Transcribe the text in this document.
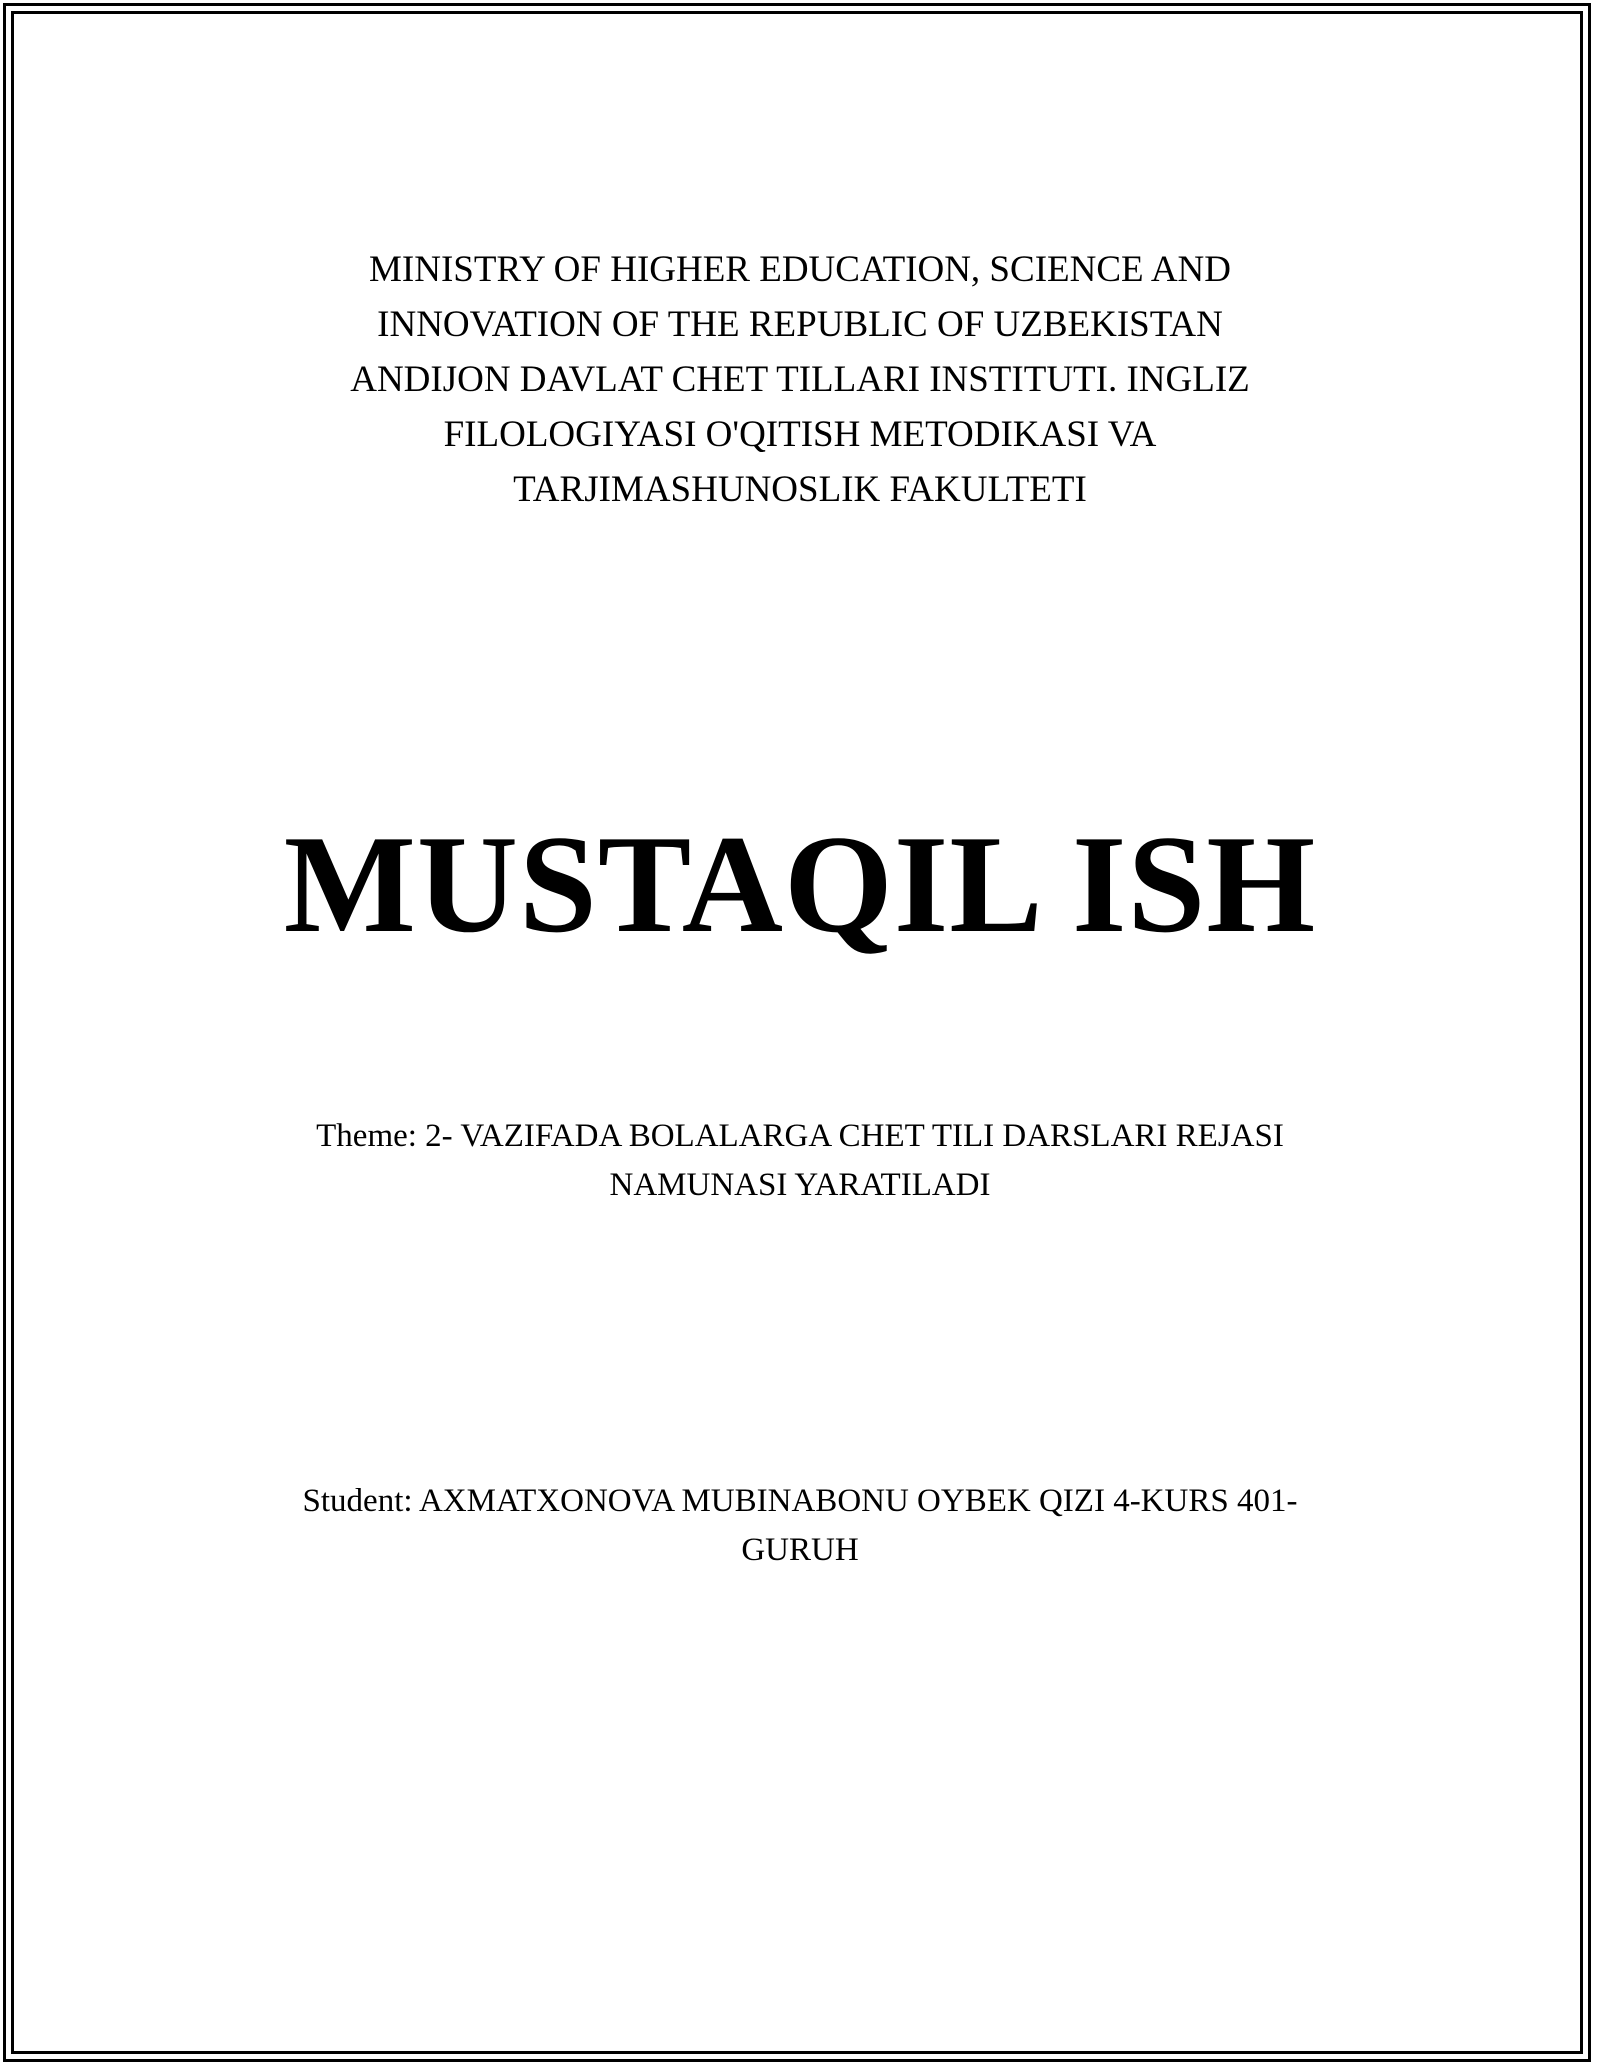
MINISTRY OF HIGHER EDUCATION, SCIENCE AND
INNOVATION OF THE REPUBLIC OF UZBEKISTAN
ANDIJON DAVLAT CHET TILLARI INSTITUTI. INGLIZ
FILOLOGIYASI O'QITISH METODIKASI VA
TARJIMASHUNOSLIK FAKULTETI
MUSTAQIL ISH
Theme: 2- VAZIFADA BOLALARGA CHET TILI DARSLARI REJASI
NAMUNASI YARATILADI
Student: AXMATXONOVA MUBINABONU OYBEK QIZI 4-KURS 401-
GURUH
